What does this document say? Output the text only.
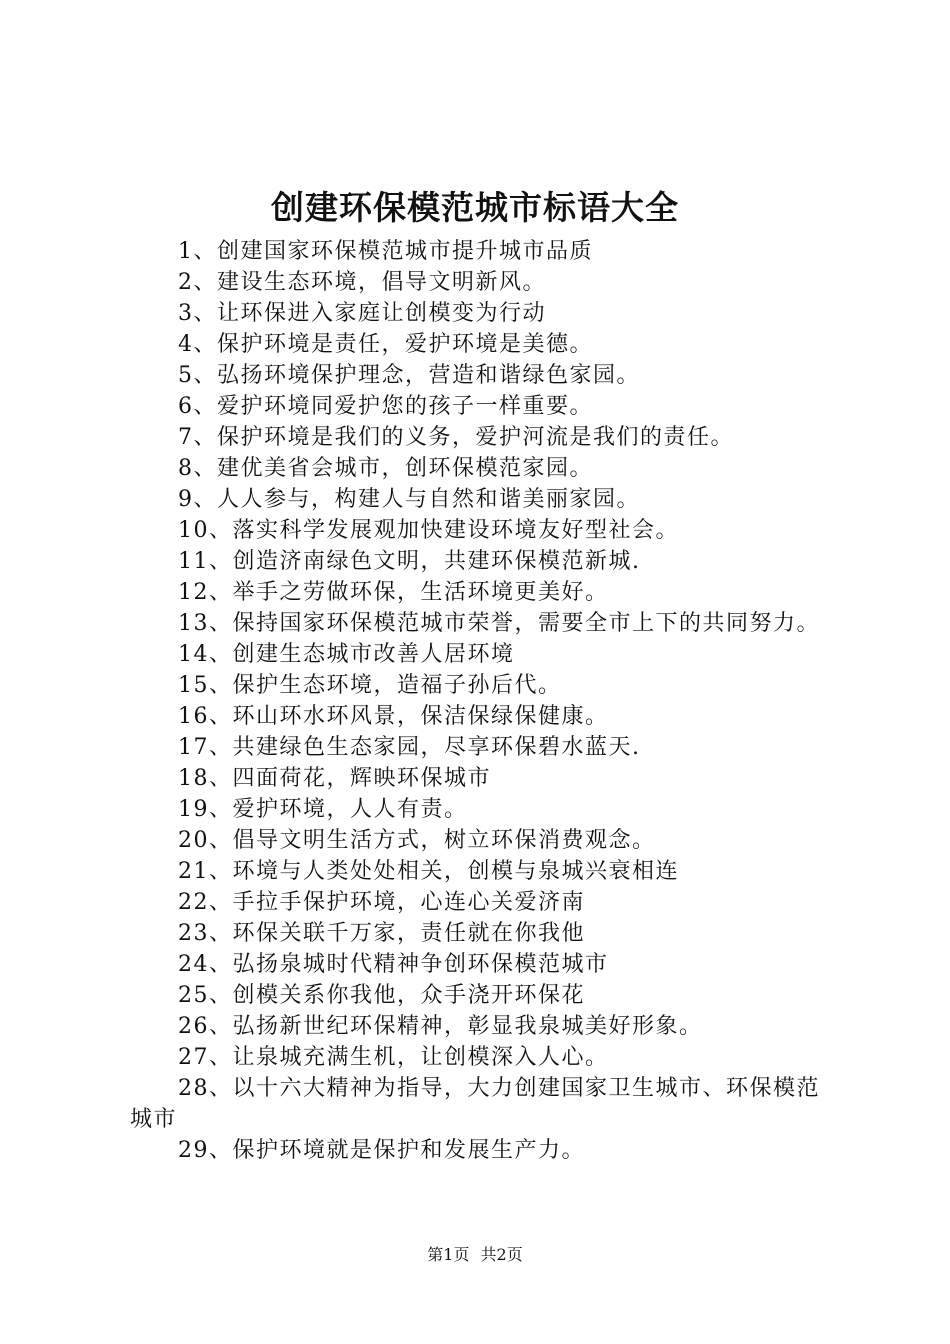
创建环保模范城市标语大全
1、创建国家环保模范城市提升城市品质
2、建设生态环境，倡导文明新风。
3、让环保进入家庭让创模变为行动
4、保护环境是责任，爱护环境是美德。
5、弘扬环境保护理念，营造和谐绿色家园。
6、爱护环境同爱护您的孩子一样重要。
7、保护环境是我们的义务，爱护河流是我们的责任。
8、建优美省会城市，创环保模范家园。
9、人人参与，构建人与自然和谐美丽家园。
10、落实科学发展观加快建设环境友好型社会。
11、创造济南绿色文明，共建环保模范新城.
12、举手之劳做环保，生活环境更美好。
13、保持国家环保模范城市荣誉，需要全市上下的共同努力。
14、创建生态城市改善人居环境
15、保护生态环境，造福子孙后代。
16、环山环水环风景，保洁保绿保健康。
17、共建绿色生态家园，尽享环保碧水蓝天.
18、四面荷花，辉映环保城市
19、爱护环境，人人有责。
20、倡导文明生活方式，树立环保消费观念。
21、环境与人类处处相关，创模与泉城兴衰相连
22、手拉手保护环境，心连心关爱济南
23、环保关联千万家，责任就在你我他
24、弘扬泉城时代精神争创环保模范城市
25、创模关系你我他，众手浇开环保花
26、弘扬新世纪环保精神，彰显我泉城美好形象。
27、让泉城充满生机，让创模深入人心。
28、以十六大精神为指导，大力创建国家卫生城市、环保模范城市
29、保护环境就是保护和发展生产力。
第1页 共2页
